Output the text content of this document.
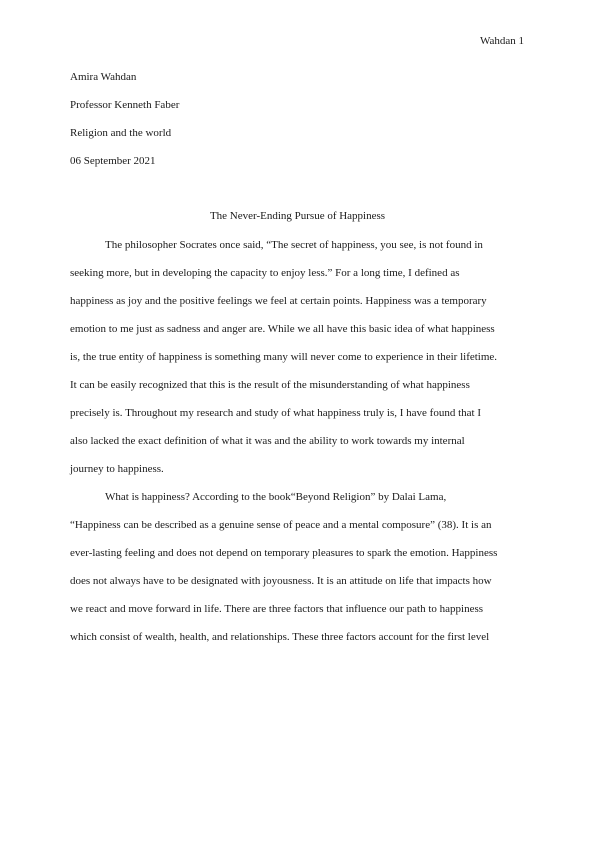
Wahdan 1
Amira Wahdan
Professor Kenneth Faber
Religion and the world
06 September 2021
The Never-Ending Pursue of Happiness
The philosopher Socrates once said, “The secret of happiness, you see, is not found in
seeking more, but in developing the capacity to enjoy less.” For a long time, I defined as
happiness as joy and the positive feelings we feel at certain points. Happiness was a temporary
emotion to me just as sadness and anger are. While we all have this basic idea of what happiness
is, the true entity of happiness is something many will never come to experience in their lifetime.
It can be easily recognized that this is the result of the misunderstanding of what happiness
precisely is. Throughout my research and study of what happiness truly is, I have found that I
also lacked the exact definition of what it was and the ability to work towards my internal
journey to happiness.
What is happiness? According to the book“Beyond Religion” by Dalai Lama,
“Happiness can be described as a genuine sense of peace and a mental composure” (38). It is an
ever-lasting feeling and does not depend on temporary pleasures to spark the emotion. Happiness
does not always have to be designated with joyousness. It is an attitude on life that impacts how
we react and move forward in life. There are three factors that influence our path to happiness
which consist of wealth, health, and relationships. These three factors account for the first level
